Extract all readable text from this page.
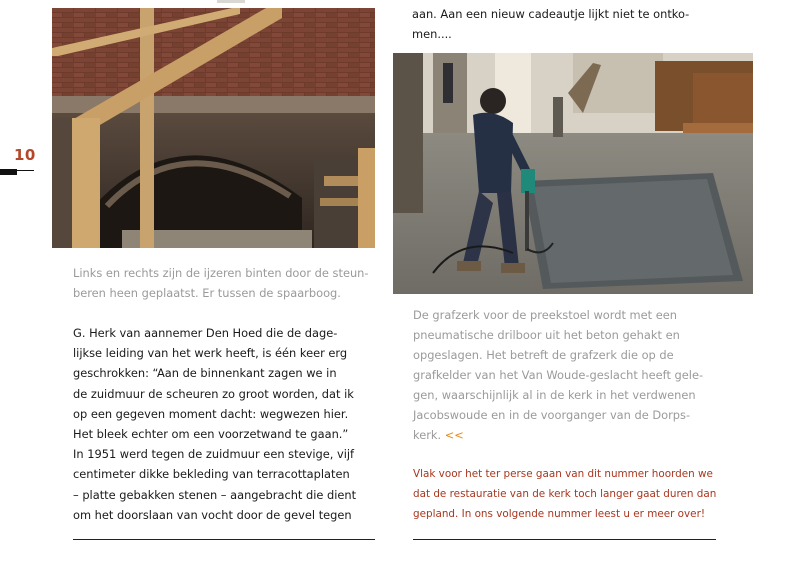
10

Links en rechts zijn de ijzeren binten door de steun-
beren heen geplaatst. Er tussen de spaarboog.

G. Herk van aannemer Den Hoed die de dage-
lijkse leiding van het werk heeft, is één keer erg
geschrokken: “Aan de binnenkant zagen we in
de zuidmuur de scheuren zo groot worden, dat ik
op een gegeven moment dacht: wegwezen hier.
Het bleek echter om een voorzetwand te gaan.”
In 1951 werd tegen de zuidmuur een stevige, vijf
centimeter dikke bekleding van terracottaplaten
– platte gebakken stenen – aangebracht die dient
om het doorslaan van vocht door de gevel tegen

aan. Aan een nieuw cadeautje lijkt niet te ontko-
men....

De grafzerk voor de preekstoel wordt met een
pneumatische drilboor uit het beton gehakt en
opgeslagen. Het betreft de grafzerk die op de
grafkelder van het Van Woude-geslacht heeft gele-
gen, waarschijnlijk al in de kerk in het verdwenen
Jacobswoude en in de voorganger van de Dorps-
kerk. <<

Vlak voor het ter perse gaan van dit nummer hoorden we
dat de restauratie van de kerk toch langer gaat duren dan
gepland. In ons volgende nummer leest u er meer over!
